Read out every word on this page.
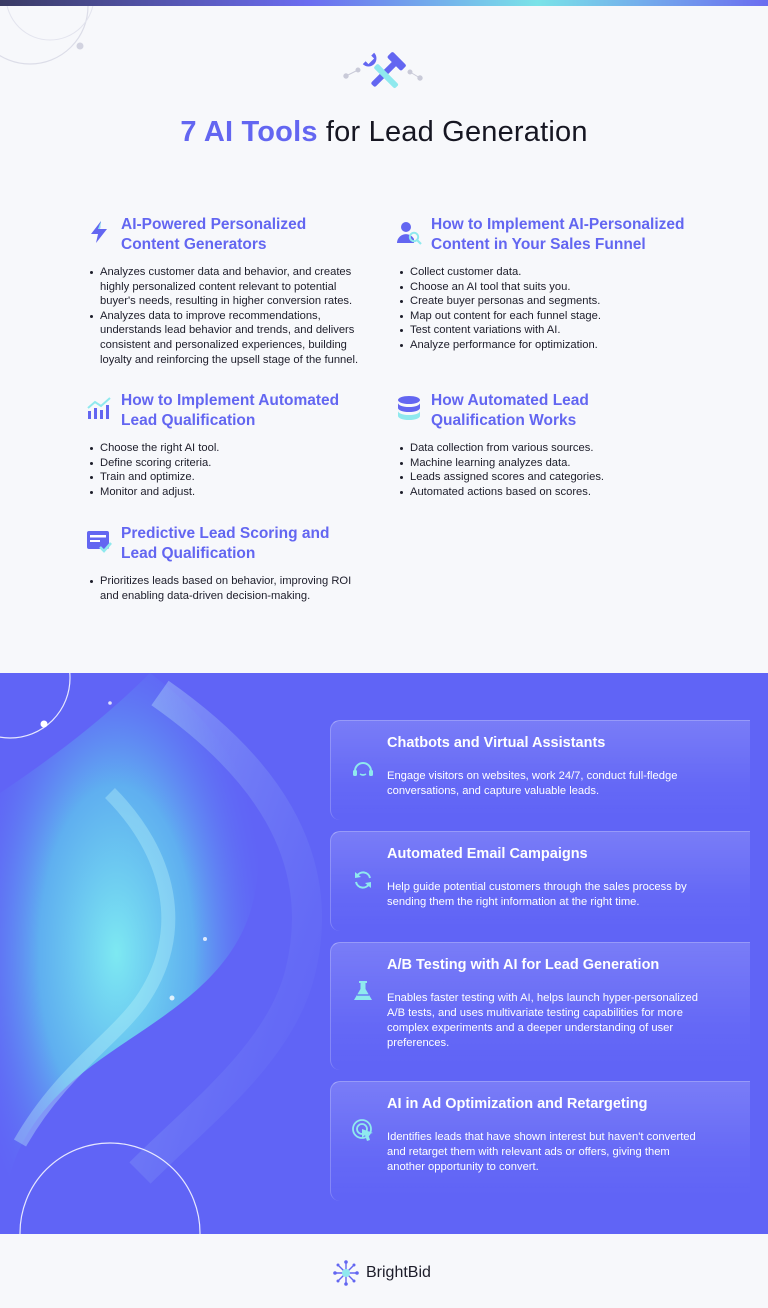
7 AI Tools for Lead Generation
AI-Powered Personalized
Content Generators
Analyzes customer data and behavior, and creates highly personalized content relevant to potential buyer's needs, resulting in higher conversion rates.
Analyzes data to improve recommendations, understands lead behavior and trends, and delivers consistent and personalized experiences, building loyalty and reinforcing the upsell stage of the funnel.
How to Implement AI-Personalized
Content in Your Sales Funnel
Collect customer data.
Choose an AI tool that suits you.
Create buyer personas and segments.
Map out content for each funnel stage.
Test content variations with AI.
Analyze performance for optimization.
How to Implement Automated
Lead Qualification
Choose the right AI tool.
Define scoring criteria.
Train and optimize.
Monitor and adjust.
How Automated Lead
Qualification Works
Data collection from various sources.
Machine learning analyzes data.
Leads assigned scores and categories.
Automated actions based on scores.
Predictive Lead Scoring and
Lead Qualification
Prioritizes leads based on behavior, improving ROI and enabling data-driven decision-making.
Chatbots and Virtual Assistants

Engage visitors on websites, work 24/7, conduct full-fledge conversations, and capture valuable leads.

Automated Email Campaigns

Help guide potential customers through the sales process by sending them the right information at the right time.

A/B Testing with AI for Lead Generation

Enables faster testing with AI, helps launch hyper-personalized A/B tests, and uses multivariate testing capabilities for more complex experiments and a deeper understanding of user preferences.

AI in Ad Optimization and Retargeting

Identifies leads that have shown interest but haven't converted and retarget them with relevant ads or offers, giving them another opportunity to convert.

BrightBid
